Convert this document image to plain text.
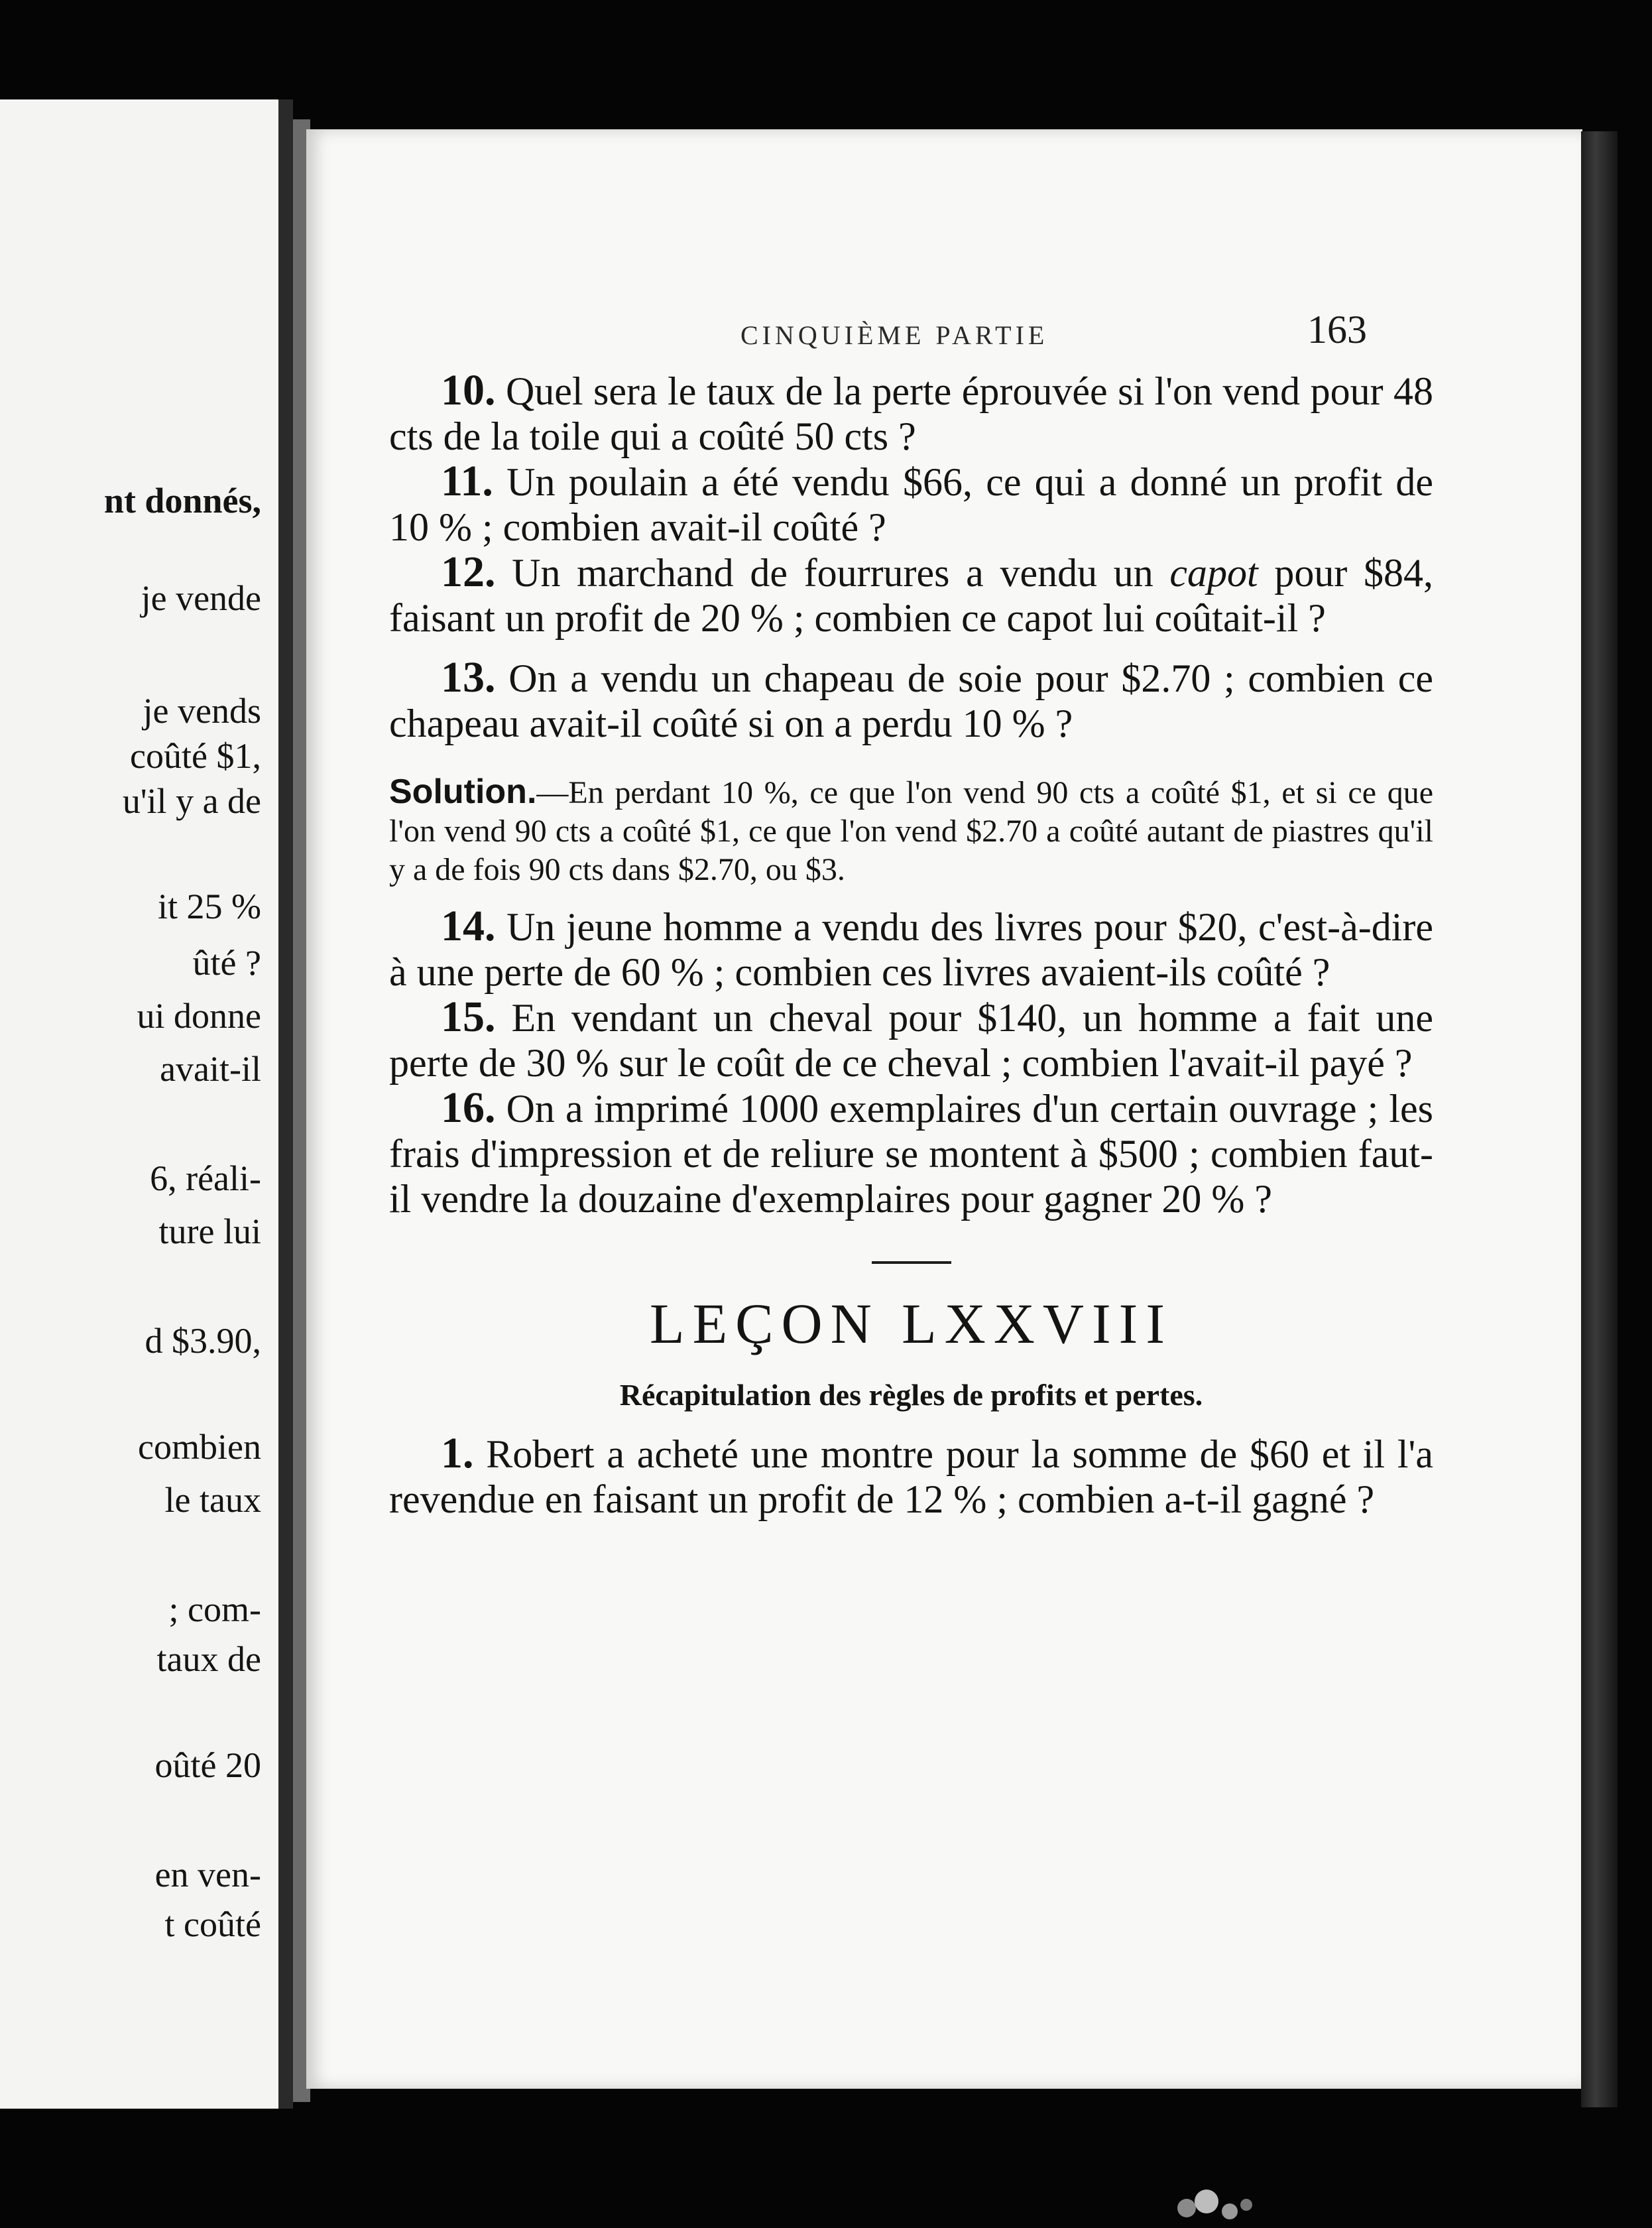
nt donnés,
je vende
je vends
coûté $1,
u'il y a de
it 25 %
ûté ?
ui donne
avait-il
6, réali-
ture lui
d $3.90,
combien
le taux
; com-
taux de
oûté 20
en ven-
t coûté
CINQUIÈME PARTIE	163

10. Quel sera le taux de la perte éprouvée si l'on vend pour 48 cts de la toile qui a coûté 50 cts ?

11. Un poulain a été vendu $66, ce qui a donné un profit de 10 % ; combien avait-il coûté ?

12. Un marchand de fourrures a vendu un capot pour $84, faisant un profit de 20 % ; combien ce capot lui coûtait-il ?

13. On a vendu un chapeau de soie pour $2.70 ; combien ce chapeau avait-il coûté si on a perdu 10 % ?

Solution.—En perdant 10 %, ce que l'on vend 90 cts a coûté $1, et si ce que l'on vend 90 cts a coûté $1, ce que l'on vend $2.70 a coûté autant de piastres qu'il y a de fois 90 cts dans $2.70, ou $3.

14. Un jeune homme a vendu des livres pour $20, c'est-à-dire à une perte de 60 % ; combien ces livres avaient-ils coûté ?

15. En vendant un cheval pour $140, un homme a fait une perte de 30 % sur le coût de ce cheval ; combien l'avait-il payé ?

16. On a imprimé 1000 exemplaires d'un certain ouvrage ; les frais d'impression et de reliure se montent à $500 ; combien faut-il vendre la douzaine d'exemplaires pour gagner 20 % ?

LEÇON LXXVIII

Récapitulation des règles de profits et pertes.

1. Robert a acheté une montre pour la somme de $60 et il l'a revendue en faisant un profit de 12 % ; combien a-t-il gagné ?
